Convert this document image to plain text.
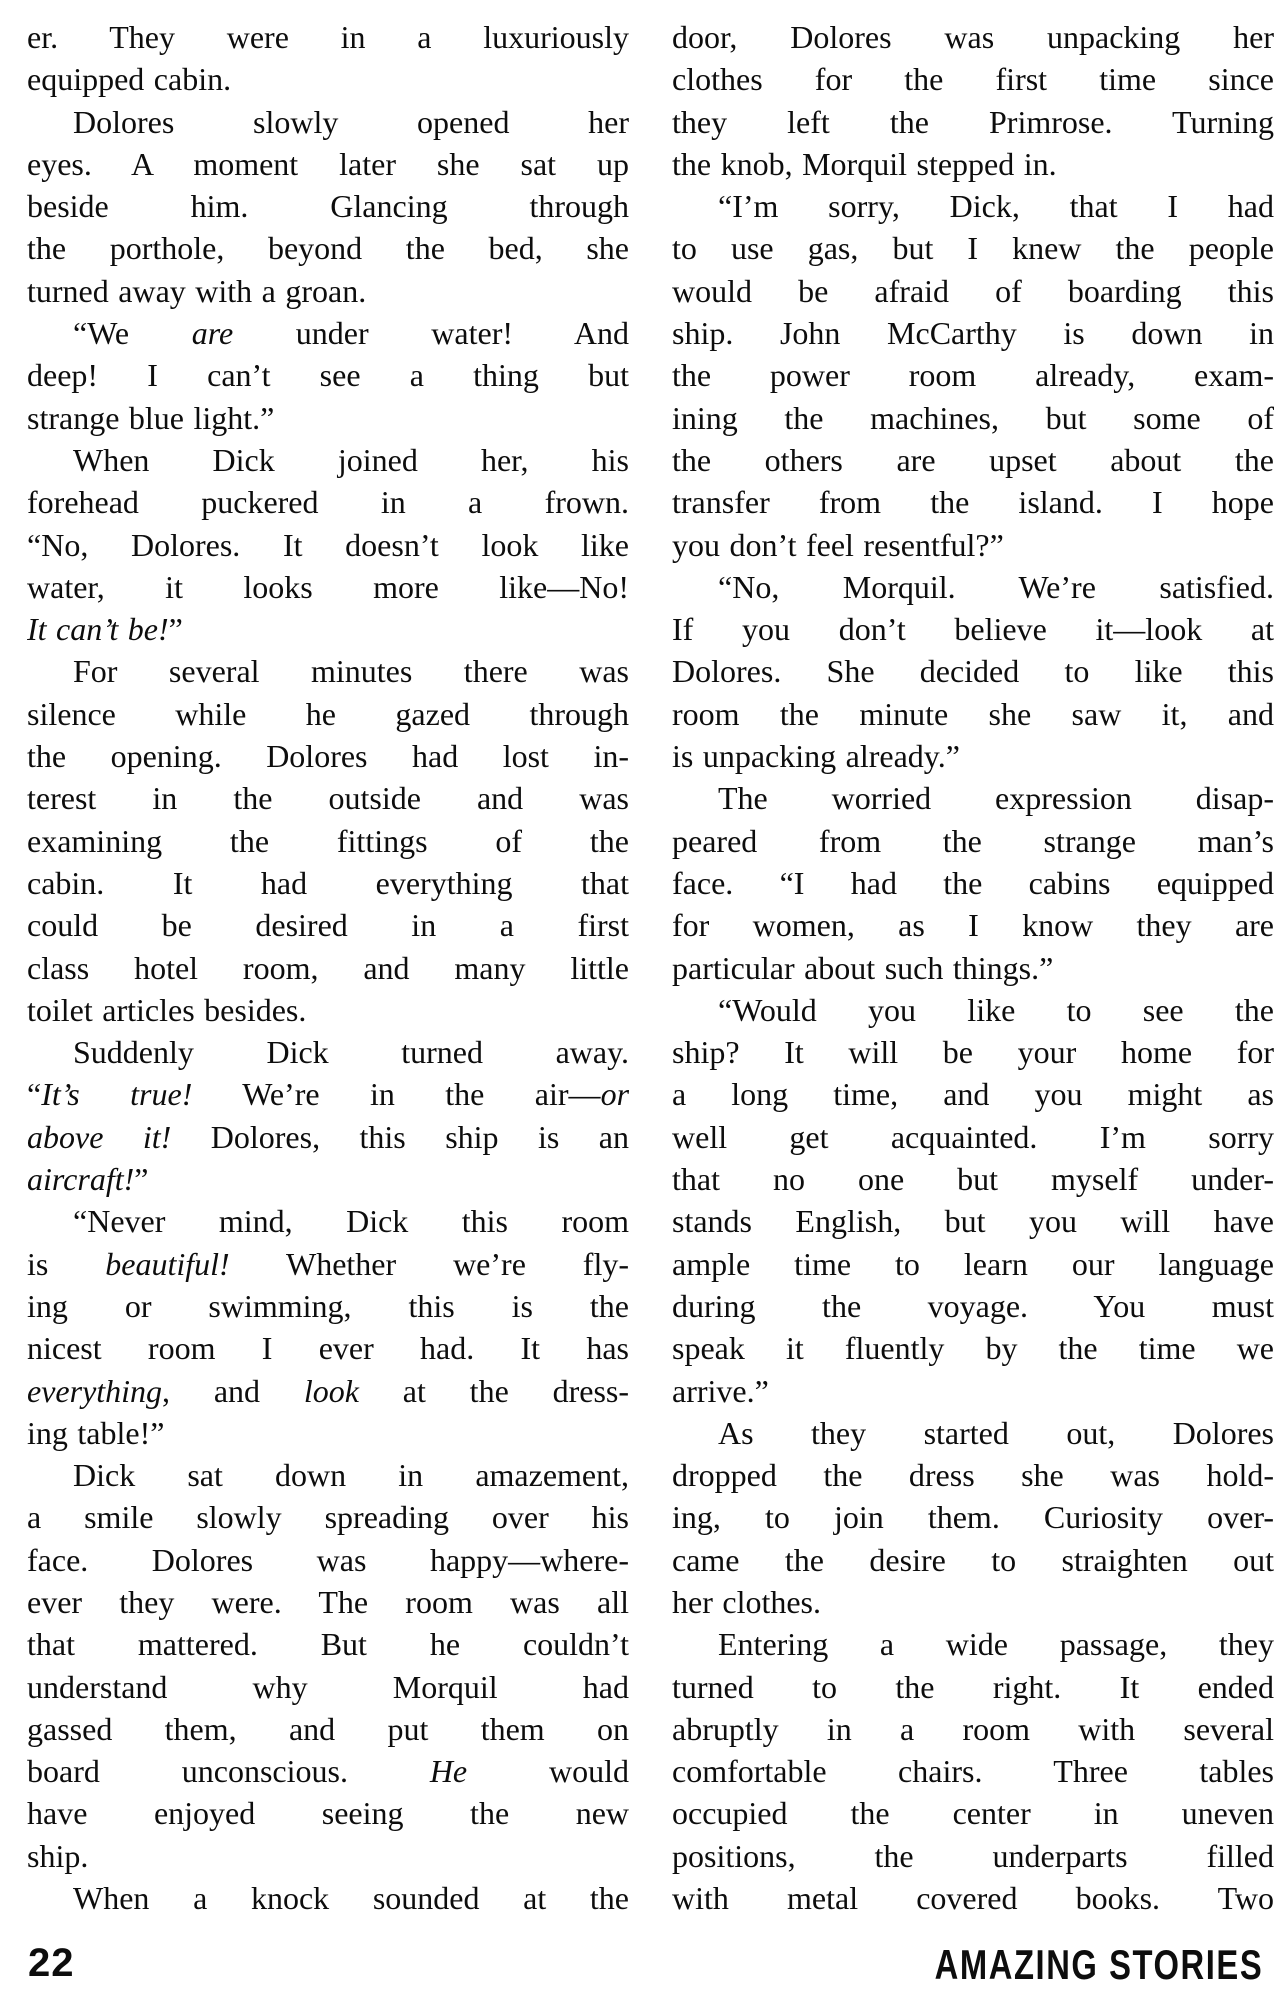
er. They were in a luxuriously
equipped cabin.
Dolores slowly opened her
eyes. A moment later she sat up
beside him. Glancing through
the porthole, beyond the bed, she
turned away with a groan.
“We are under water! And
deep! I can’t see a thing but
strange blue light.”
When Dick joined her, his
forehead puckered in a frown.
“No, Dolores. It doesn’t look like
water, it looks more like—No!
It can’t be!”
For several minutes there was
silence while he gazed through
the opening. Dolores had lost in-
terest in the outside and was
examining the fittings of the
cabin. It had everything that
could be desired in a first
class hotel room, and many little
toilet articles besides.
Suddenly Dick turned away.
“It’s true! We’re in the air—or
above it! Dolores, this ship is an
aircraft!”
“Never mind, Dick this room
is beautiful! Whether we’re fly-
ing or swimming, this is the
nicest room I ever had. It has
everything, and look at the dress-
ing table!”
Dick sat down in amazement,
a smile slowly spreading over his
face. Dolores was happy—where-
ever they were. The room was all
that mattered. But he couldn’t
understand why Morquil had
gassed them, and put them on
board unconscious. He would
have enjoyed seeing the new
ship.
When a knock sounded at the
door, Dolores was unpacking her
clothes for the first time since
they left the Primrose. Turning
the knob, Morquil stepped in.
“I’m sorry, Dick, that I had
to use gas, but I knew the people
would be afraid of boarding this
ship. John McCarthy is down in
the power room already, exam-
ining the machines, but some of
the others are upset about the
transfer from the island. I hope
you don’t feel resentful?”
“No, Morquil. We’re satisfied.
If you don’t believe it—look at
Dolores. She decided to like this
room the minute she saw it, and
is unpacking already.”
The worried expression disap-
peared from the strange man’s
face. “I had the cabins equipped
for women, as I know they are
particular about such things.”
“Would you like to see the
ship? It will be your home for
a long time, and you might as
well get acquainted. I’m sorry
that no one but myself under-
stands English, but you will have
ample time to learn our language
during the voyage. You must
speak it fluently by the time we
arrive.”
As they started out, Dolores
dropped the dress she was hold-
ing, to join them. Curiosity over-
came the desire to straighten out
her clothes.
Entering a wide passage, they
turned to the right. It ended
abruptly in a room with several
comfortable chairs. Three tables
occupied the center in uneven
positions, the underparts filled
with metal covered books. Two
22	AMAZING STORIES
